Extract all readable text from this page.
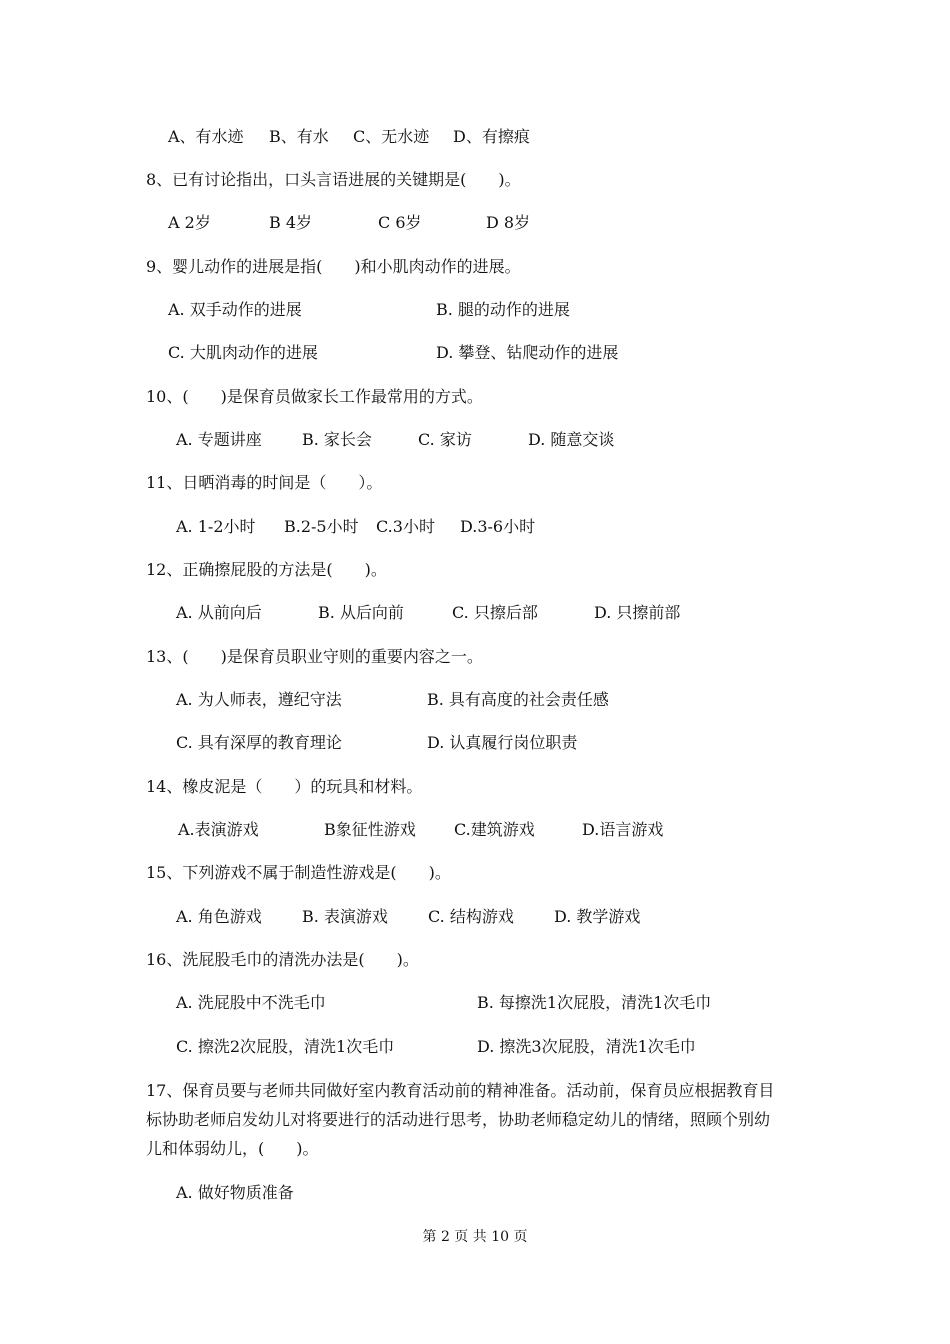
A、有水迹

B、有水

C、无水迹

D、有擦痕

8、已有讨论指出，口头言语进展的关键期是(　　)。

A 2岁

	B 4岁

	C 6岁

	D 8岁

9、婴儿动作的进展是指(　　)和小肌肉动作的进展。

A. 双手动作的进展

	B. 腿的动作的进展

C. 大肌肉动作的进展

	D. 攀登、钻爬动作的进展

10、(　　)是保育员做家长工作最常用的方式。

A. 专题讲座

	B. 家长会

	C. 家访

	D. 随意交谈

11、日晒消毒的时间是（　　）。

A. 1-2小时

B.2-5小时

C.3小时

D.3-6小时

12、正确擦屁股的方法是(　　)。

A. 从前向后

	B. 从后向前

	C. 只擦后部

	D. 只擦前部

13、(　　)是保育员职业守则的重要内容之一。

A. 为人师表，遵纪守法

	B. 具有高度的社会责任感

C. 具有深厚的教育理论

	D. 认真履行岗位职责

14、橡皮泥是（　　）的玩具和材料。

A.表演游戏

	B象征性游戏

C.建筑游戏

	D.语言游戏

15、下列游戏不属于制造性游戏是(　　)。

A. 角色游戏

	B. 表演游戏

	C. 结构游戏

	D. 教学游戏

16、洗屁股毛巾的清洗办法是(　　)。

A. 洗屁股中不洗毛巾

	B. 每擦洗1次屁股，清洗1次毛巾

C. 擦洗2次屁股，清洗1次毛巾

	D. 擦洗3次屁股，清洗1次毛巾

17、保育员要与老师共同做好室内教育活动前的精神准备。活动前，保育员应根据教育目
标协助老师启发幼儿对将要进行的活动进行思考，协助老师稳定幼儿的情绪，照顾个别幼
儿和体弱幼儿，(　　)。
A. 做好物质准备
第 2 页 共 10 页
